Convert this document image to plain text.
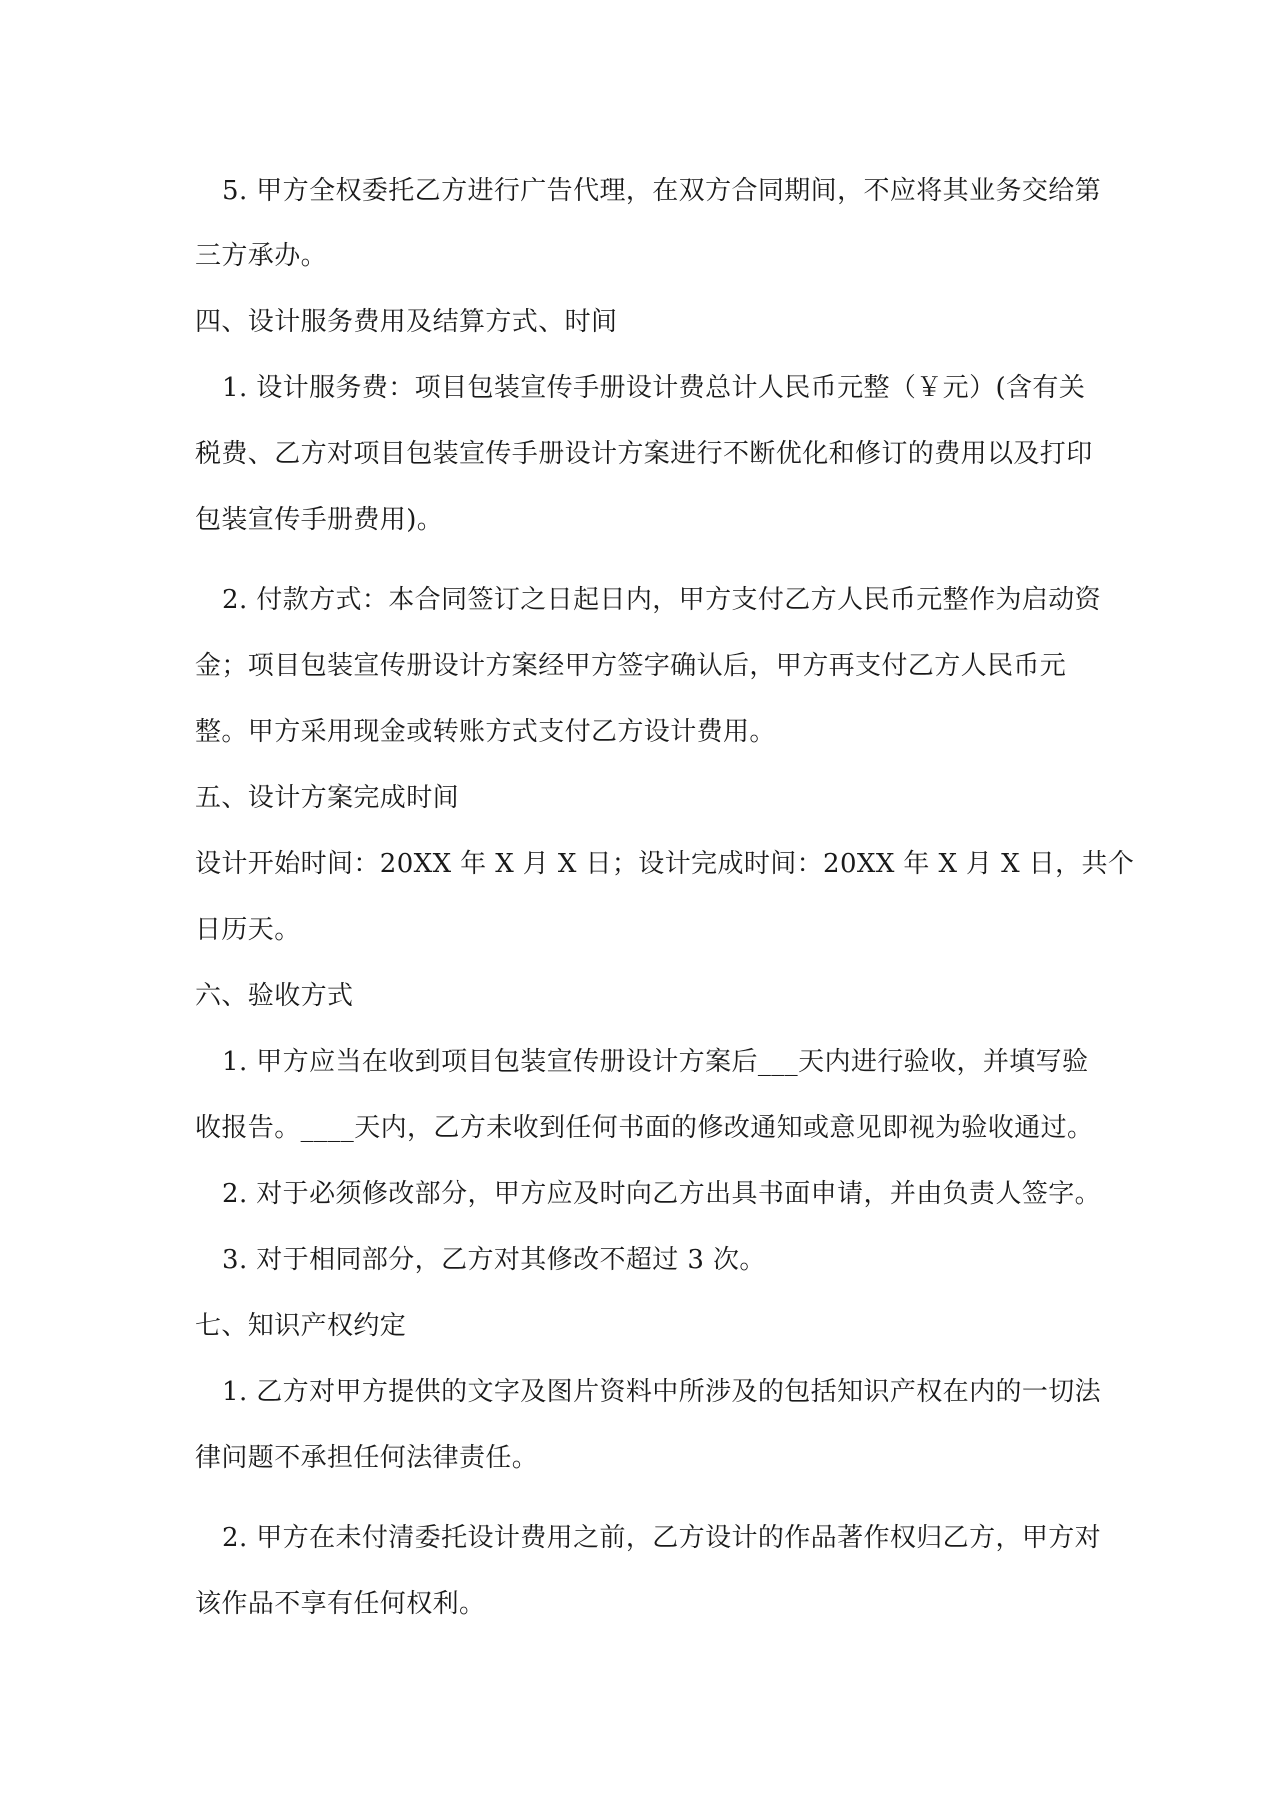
5. 甲方全权委托乙方进行广告代理，在双方合同期间，不应将其业务交给第

三方承办。

四、设计服务费用及结算方式、时间

1. 设计服务费：项目包装宣传手册设计费总计人民币元整（￥元）(含有关

税费、乙方对项目包装宣传手册设计方案进行不断优化和修订的费用以及打印

包装宣传手册费用)。

2. 付款方式：本合同签订之日起日内，甲方支付乙方人民币元整作为启动资

金；项目包装宣传册设计方案经甲方签字确认后，甲方再支付乙方人民币元

整。甲方采用现金或转账方式支付乙方设计费用。

五、设计方案完成时间

设计开始时间：20XX 年 X 月 X 日；设计完成时间：20XX 年 X 月 X 日，共个

日历天。

六、验收方式

1. 甲方应当在收到项目包装宣传册设计方案后___天内进行验收，并填写验

收报告。____天内，乙方未收到任何书面的修改通知或意见即视为验收通过。

2. 对于必须修改部分，甲方应及时向乙方出具书面申请，并由负责人签字。

3. 对于相同部分，乙方对其修改不超过 3 次。

七、知识产权约定

1. 乙方对甲方提供的文字及图片资料中所涉及的包括知识产权在内的一切法

律问题不承担任何法律责任。

2. 甲方在未付清委托设计费用之前，乙方设计的作品著作权归乙方，甲方对

该作品不享有任何权利。
